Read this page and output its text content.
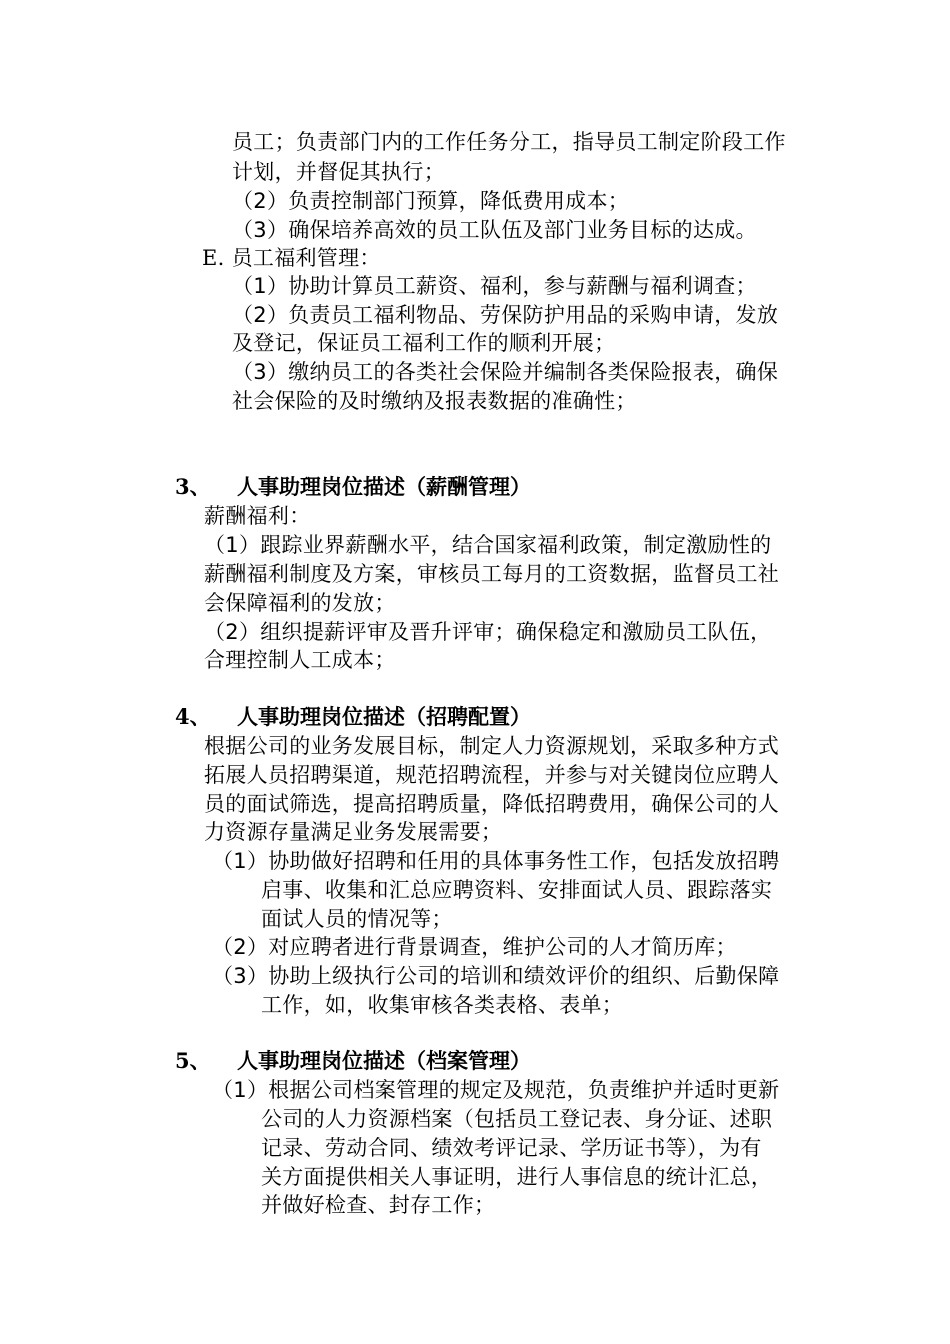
员工；负责部门内的工作任务分工，指导员工制定阶段工作
计划，并督促其执行；
（2）负责控制部门预算，降低费用成本；
（3）确保培养高效的员工队伍及部门业务目标的达成。
E. 员工福利管理：
（1）协助计算员工薪资、福利，参与薪酬与福利调查；
（2）负责员工福利物品、劳保防护用品的采购申请，发放
及登记，保证员工福利工作的顺利开展；
（3）缴纳员工的各类社会保险并编制各类保险报表，确保
社会保险的及时缴纳及报表数据的准确性；
3、 人事助理岗位描述（薪酬管理）
薪酬福利：
（1）跟踪业界薪酬水平，结合国家福利政策，制定激励性的
薪酬福利制度及方案，审核员工每月的工资数据，监督员工社
会保障福利的发放；
（2）组织提薪评审及晋升评审；确保稳定和激励员工队伍，
合理控制人工成本；
4、 人事助理岗位描述（招聘配置）
根据公司的业务发展目标，制定人力资源规划，采取多种方式
拓展人员招聘渠道，规范招聘流程，并参与对关键岗位应聘人
员的面试筛选，提高招聘质量，降低招聘费用，确保公司的人
力资源存量满足业务发展需要；
（1）协助做好招聘和任用的具体事务性工作，包括发放招聘
启事、收集和汇总应聘资料、安排面试人员、跟踪落实
面试人员的情况等；
（2）对应聘者进行背景调查，维护公司的人才简历库；
（3）协助上级执行公司的培训和绩效评价的组织、后勤保障
工作，如，收集审核各类表格、表单；
5、 人事助理岗位描述（档案管理）
（1）根据公司档案管理的规定及规范，负责维护并适时更新
公司的人力资源档案（包括员工登记表、身分证、述职
记录、劳动合同、绩效考评记录、学历证书等），为有
关方面提供相关人事证明，进行人事信息的统计汇总，
并做好检查、封存工作；
